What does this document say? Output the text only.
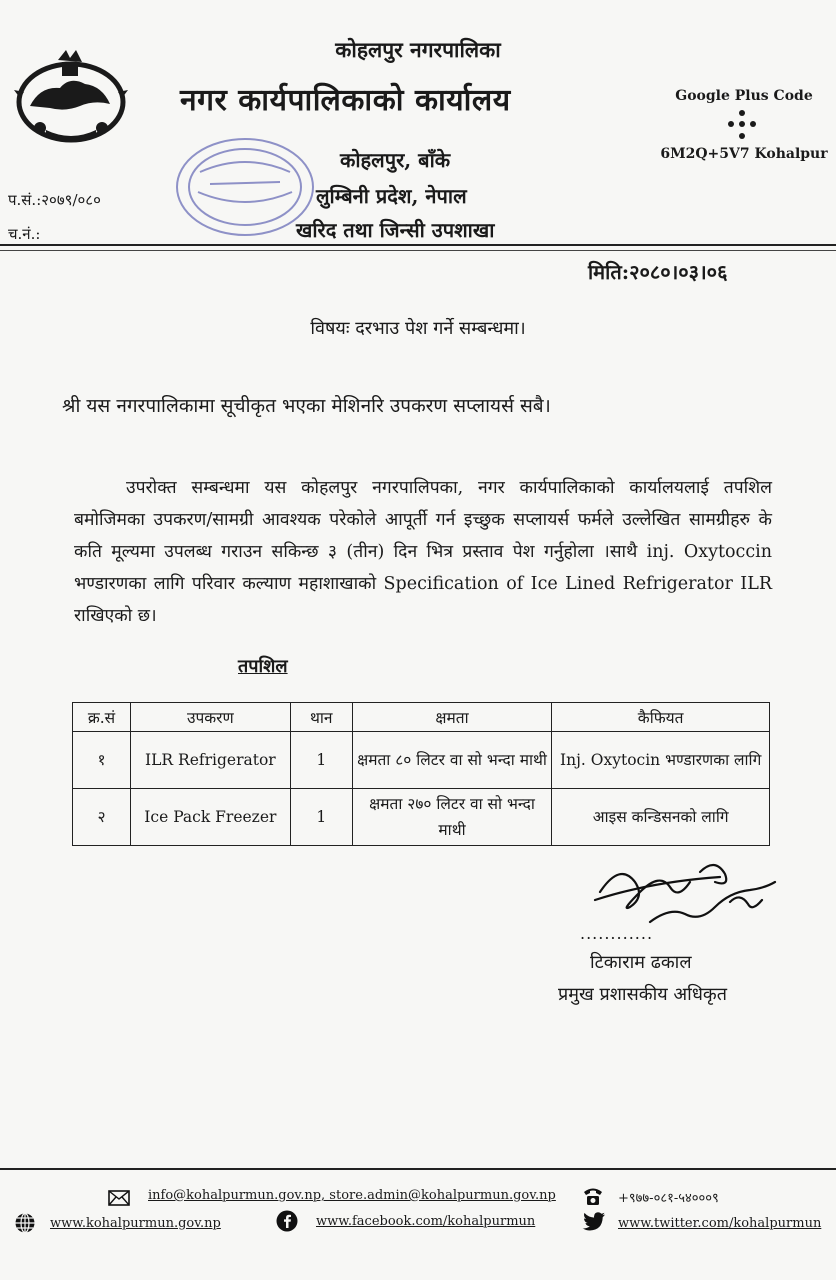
कोहलपुर नगरपालिका
नगर कार्यपालिकाको कार्यालय
कोहलपुर, बाँके
लुम्बिनी प्रदेश, नेपाल
खरिद तथा जिन्सी उपशाखा
Google Plus Code
6M2Q+5V7 Kohalpur
प.सं.:२०७९/०८०
च.नं.:
मिति:२०८०।०३।०६
विषयः दरभाउ पेश गर्ने सम्बन्धमा।
श्री यस नगरपालिकामा सूचीकृत भएका मेशिनरि उपकरण सप्लायर्स सबै।
उपरोक्त सम्बन्धमा यस कोहलपुर नगरपालिपका, नगर कार्यपालिकाको कार्यालयलाई तपशिल बमोजिमका उपकरण/सामग्री आवश्यक परेकोले आपूर्ती गर्न इच्छुक सप्लायर्स फर्मले उल्लेखित सामग्रीहरु के कति मूल्यमा उपलब्ध गराउन सकिन्छ ३ (तीन) दिन भित्र प्रस्ताव पेश गर्नुहोला ।साथै inj. Oxytoccin भण्डारणका लागि परिवार कल्याण महाशाखाको Specification of Ice Lined Refrigerator ILR राखिएको छ।
तपशिल
क्र.सं	उपकरण	थान	क्षमता	कैफियत
१	ILR Refrigerator	1	क्षमता ८० लिटर वा सो भन्दा माथी	Inj. Oxytocin भण्डारणका लागि
२	Ice Pack Freezer	1	क्षमता २७० लिटर वा सो भन्दा माथी	आइस कन्डिसनको लागि
............
टिकाराम ढकाल
प्रमुख प्रशासकीय अधिकृत
info@kohalpurmun.gov.np, store.admin@kohalpurmun.gov.np
www.kohalpurmun.gov.np	www.facebook.com/kohalpurmun
+९७७-०८१-५४०००९
www.twitter.com/kohalpurmun
